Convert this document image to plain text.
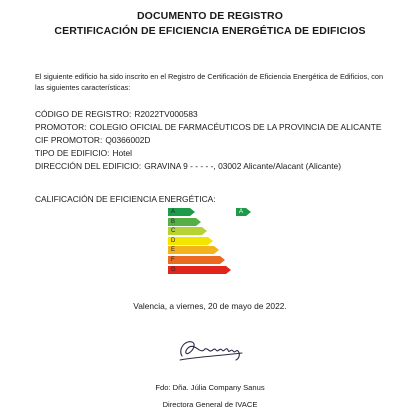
DOCUMENTO DE REGISTRO
CERTIFICACIÓN DE EFICIENCIA ENERGÉTICA DE EDIFICIOS
El siguiente edificio ha sido inscrito en el Registro de Certificación de Eficiencia Energética de Edificios, con las siguientes características:
CÓDIGO DE REGISTRO: R2022TV000583
PROMOTOR: COLEGIO OFICIAL DE FARMACÉUTICOS DE LA PROVINCIA DE ALICANTE
CIF PROMOTOR: Q0366002D
TIPO DE EDIFICIO: Hotel
DIRECCIÓN DEL EDIFICIO: GRAVINA 9 - - - - -, 03002 Alicante/Alacant (Alicante)
CALIFICACIÓN DE EFICIENCIA ENERGÉTICA:
A
B
C
D
E
F
G
A
Valencia, a viernes, 20 de mayo de 2022.
Fdo: Dña. Júlia Company Sanus
Directora General de IVACE
